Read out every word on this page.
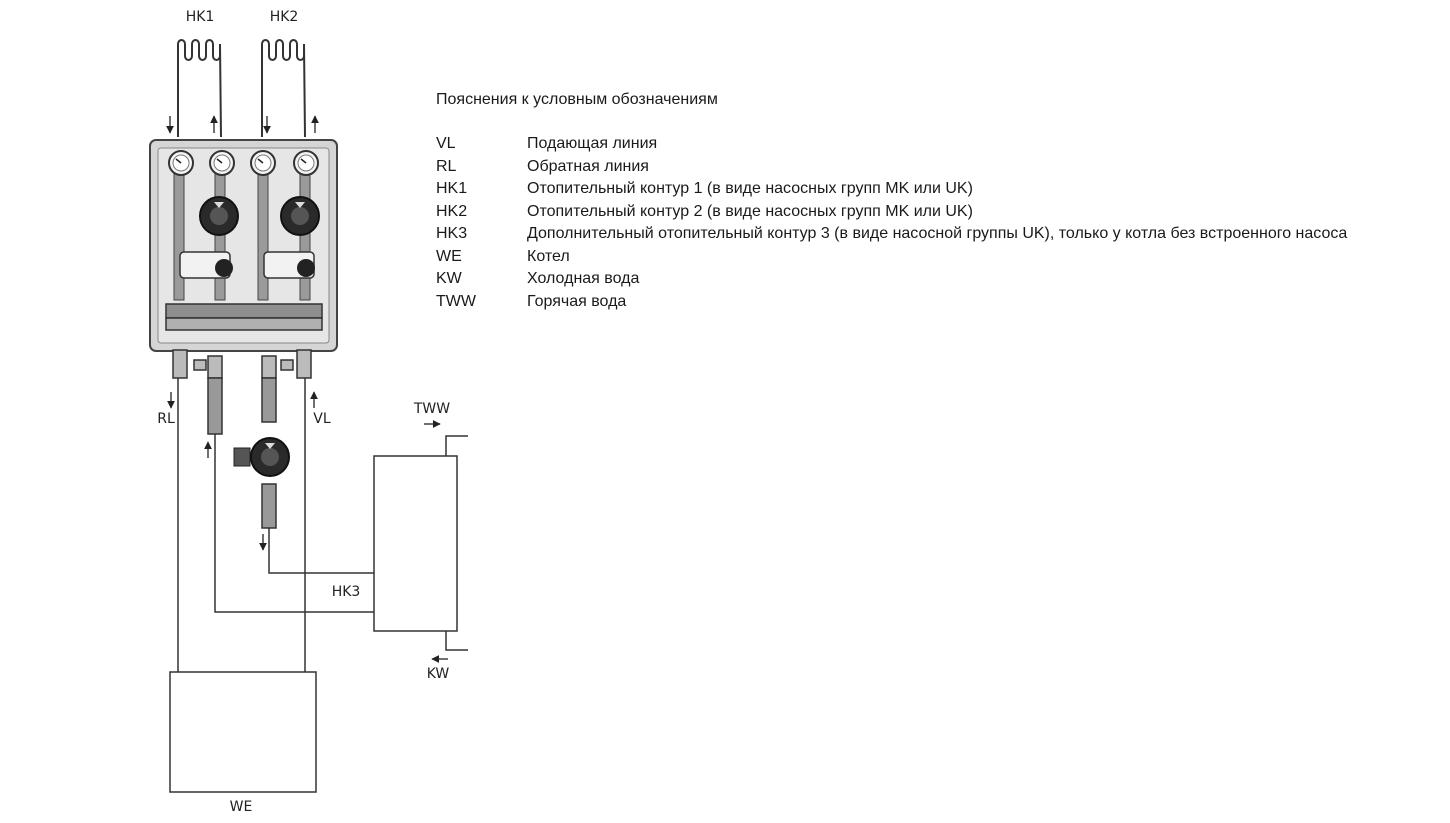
HK1	HK2
RL	VL
HK3
TWW
KW
WE
Пояснения к условным обозначениям
VL	Подающая линия
RL	Обратная линия
HK1	Отопительный контур 1 (в виде насосных групп MK или UK)
HK2	Отопительный контур 2 (в виде насосных групп MK или UK)
HK3	Дополнительный отопительный контур 3 (в виде насосной группы UK), только у котла без встроенного насоса
WE	Котел
KW	Холодная вода
TWW	Горячая вода
